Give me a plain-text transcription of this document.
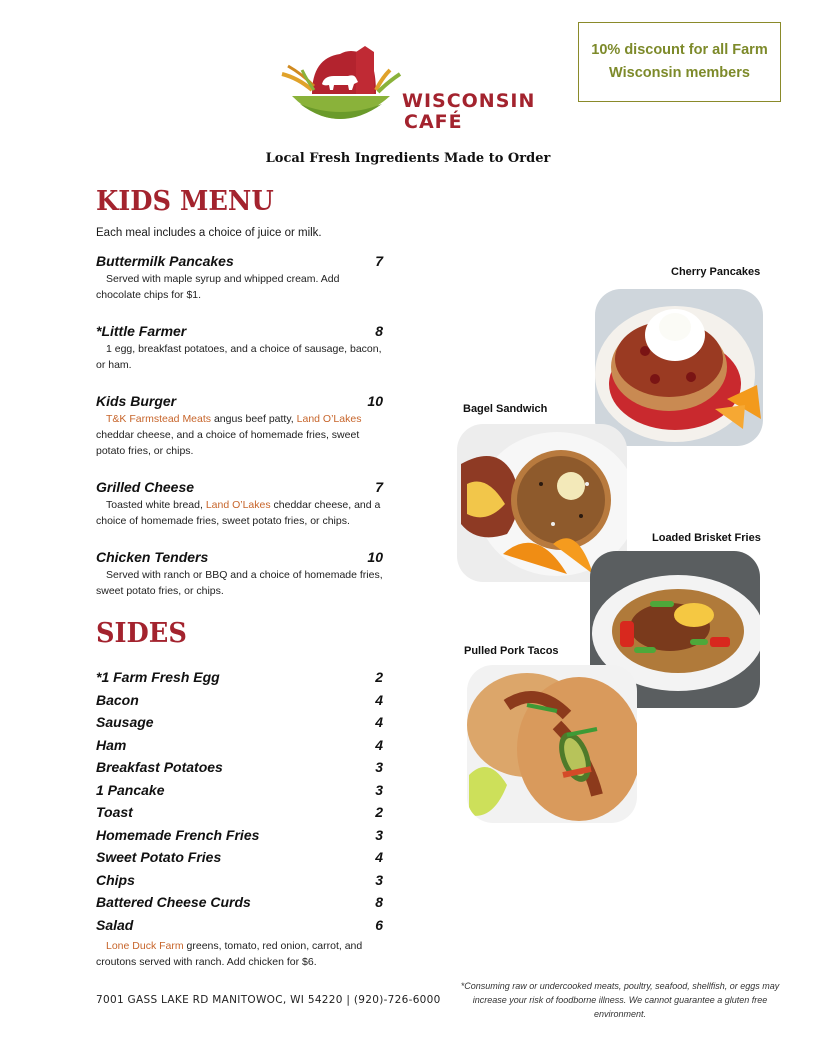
10% discount for all Farm Wisconsin members
WISCONSIN
CAFÉ
Local Fresh Ingredients Made to Order
KIDS MENU
Each meal includes a choice of juice or milk.
Buttermilk Pancakes	7
Served with maple syrup and whipped cream. Add chocolate chips for $1.
*Little Farmer	8
1 egg, breakfast potatoes, and a choice of sausage, bacon, or ham.
Kids Burger	10
T&K Farmstead Meats angus beef patty, Land O’Lakes cheddar cheese, and a choice of homemade fries, sweet potato fries, or chips.
Grilled Cheese	7
Toasted white bread, Land O’Lakes cheddar cheese, and a choice of homemade fries, sweet potato fries, or chips.
Chicken Tenders	10
Served with ranch or BBQ and a choice of homemade fries, sweet potato fries, or chips.
SIDES
*1 Farm Fresh Egg	2
Bacon	4
Sausage	4
Ham	4
Breakfast Potatoes	3
1 Pancake	3
Toast	2
Homemade French Fries	3
Sweet Potato Fries	4
Chips	3
Battered Cheese Curds	8
Salad	6
Lone Duck Farm greens, tomato, red onion, carrot, and croutons served with ranch. Add chicken for $6.
Cherry Pancakes
Bagel Sandwich
Loaded Brisket Fries
Pulled Pork Tacos
7001 GASS LAKE RD MANITOWOC, WI 54220 | (920)-726-6000
*Consuming raw or undercooked meats, poultry, seafood, shellfish, or eggs may increase your risk of foodborne illness. We cannot guarantee a gluten free environment.
